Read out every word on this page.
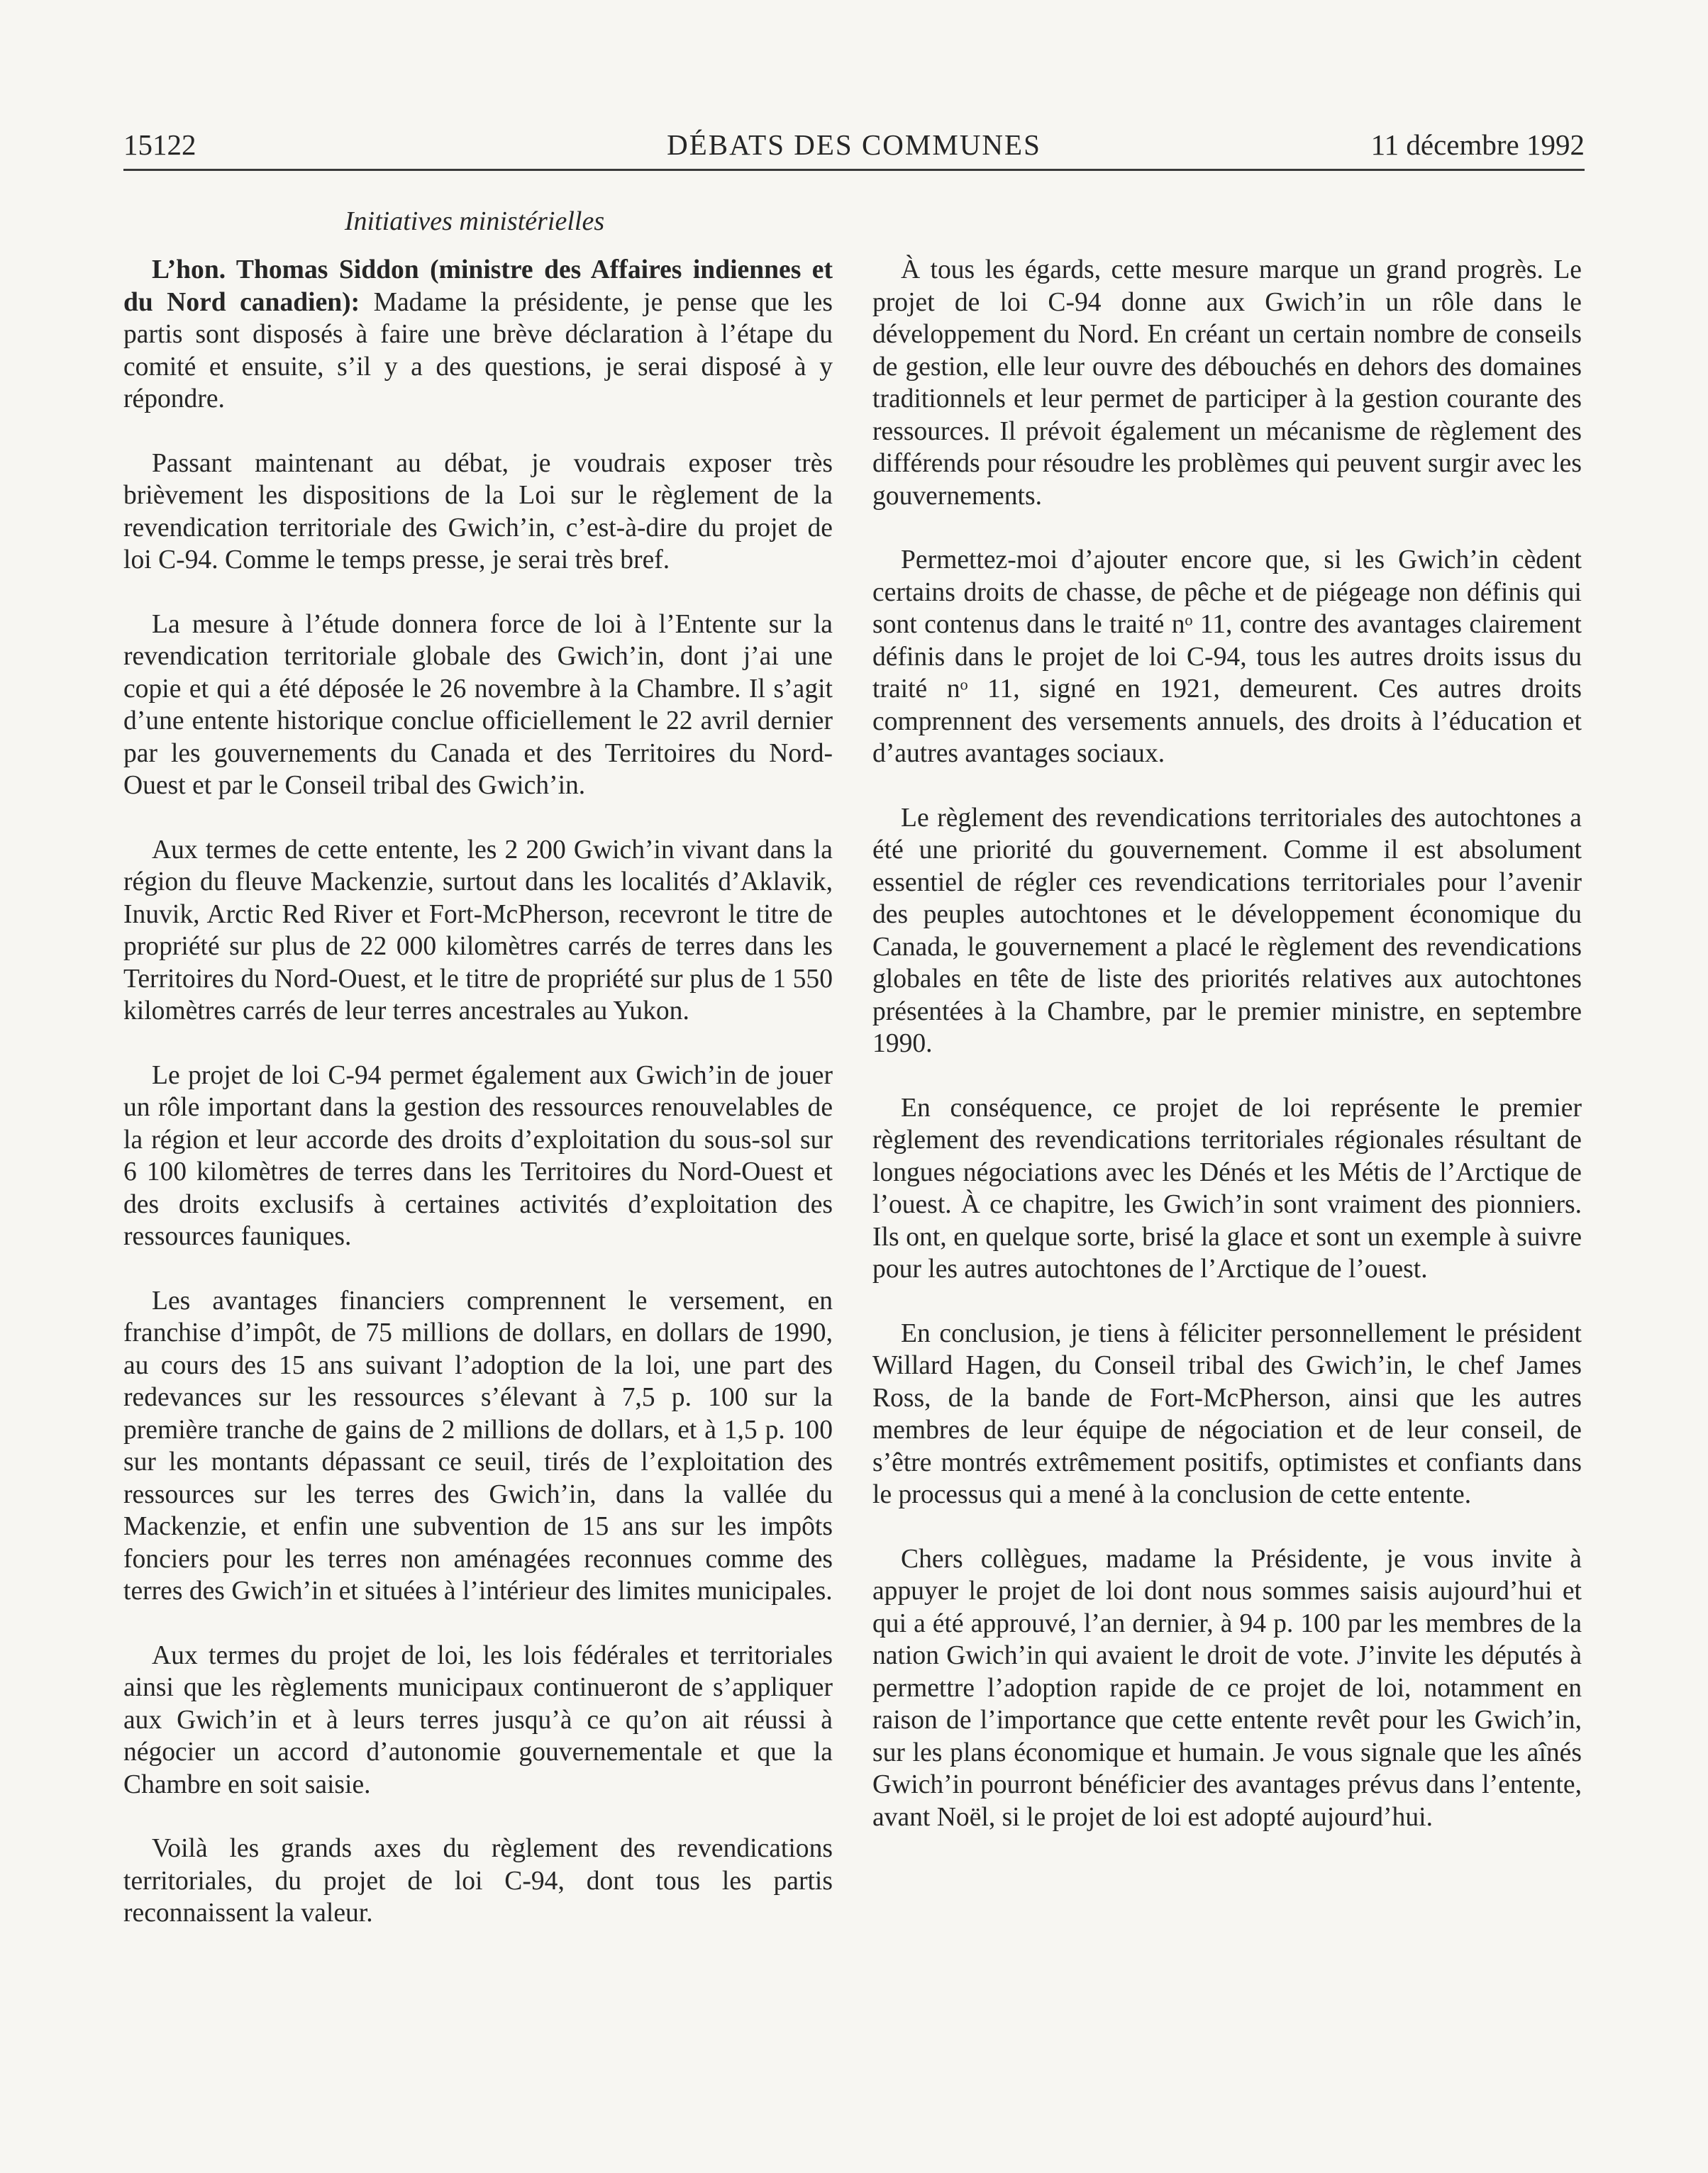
15122	DÉBATS DES COMMUNES	11 décembre 1992
Initiatives ministérielles

L’hon. Thomas Siddon (ministre des Affaires indiennes et du Nord canadien): Madame la présidente, je pense que les partis sont disposés à faire une brève déclaration à l’étape du comité et ensuite, s’il y a des questions, je serai disposé à y répondre.

Passant maintenant au débat, je voudrais exposer très brièvement les dispositions de la Loi sur le règlement de la revendication territoriale des Gwich’in, c’est-à-dire du projet de loi C-94. Comme le temps presse, je serai très bref.

La mesure à l’étude donnera force de loi à l’Entente sur la revendication territoriale globale des Gwich’in, dont j’ai une copie et qui a été déposée le 26 novembre à la Chambre. Il s’agit d’une entente historique conclue officiellement le 22 avril dernier par les gouvernements du Canada et des Territoires du Nord-Ouest et par le Conseil tribal des Gwich’in.

Aux termes de cette entente, les 2 200 Gwich’in vivant dans la région du fleuve Mackenzie, surtout dans les localités d’Aklavik, Inuvik, Arctic Red River et Fort-McPherson, recevront le titre de propriété sur plus de 22 000 kilomètres carrés de terres dans les Territoires du Nord-Ouest, et le titre de propriété sur plus de 1 550 kilomètres carrés de leur terres ancestrales au Yukon.

Le projet de loi C-94 permet également aux Gwich’in de jouer un rôle important dans la gestion des ressources renouvelables de la région et leur accorde des droits d’exploitation du sous-sol sur 6 100 kilomètres de terres dans les Territoires du Nord-Ouest et des droits exclusifs à certaines activités d’exploitation des ressources fauniques.

Les avantages financiers comprennent le versement, en franchise d’impôt, de 75 millions de dollars, en dollars de 1990, au cours des 15 ans suivant l’adoption de la loi, une part des redevances sur les ressources s’élevant à 7,5 p. 100 sur la première tranche de gains de 2 millions de dollars, et à 1,5 p. 100 sur les montants dépassant ce seuil, tirés de l’exploitation des ressources sur les terres des Gwich’in, dans la vallée du Mackenzie, et enfin une subvention de 15 ans sur les impôts fonciers pour les terres non aménagées reconnues comme des terres des Gwich’in et situées à l’intérieur des limites municipales.

Aux termes du projet de loi, les lois fédérales et territoriales ainsi que les règlements municipaux continueront de s’appliquer aux Gwich’in et à leurs terres jusqu’à ce qu’on ait réussi à négocier un accord d’autonomie gouvernementale et que la Chambre en soit saisie.

Voilà les grands axes du règlement des revendications territoriales, du projet de loi C-94, dont tous les partis reconnaissent la valeur.

À tous les égards, cette mesure marque un grand progrès. Le projet de loi C-94 donne aux Gwich’in un rôle dans le développement du Nord. En créant un certain nombre de conseils de gestion, elle leur ouvre des débouchés en dehors des domaines traditionnels et leur permet de participer à la gestion courante des ressources. Il prévoit également un mécanisme de règlement des différends pour résoudre les problèmes qui peuvent surgir avec les gouvernements.

Permettez-moi d’ajouter encore que, si les Gwich’in cèdent certains droits de chasse, de pêche et de piégeage non définis qui sont contenus dans le traité nᵒ 11, contre des avantages clairement définis dans le projet de loi C-94, tous les autres droits issus du traité nᵒ 11, signé en 1921, demeurent. Ces autres droits comprennent des versements annuels, des droits à l’éducation et d’autres avantages sociaux.

Le règlement des revendications territoriales des autochtones a été une priorité du gouvernement. Comme il est absolument essentiel de régler ces revendications territoriales pour l’avenir des peuples autochtones et le développement économique du Canada, le gouvernement a placé le règlement des revendications globales en tête de liste des priorités relatives aux autochtones présentées à la Chambre, par le premier ministre, en septembre 1990.

En conséquence, ce projet de loi représente le premier règlement des revendications territoriales régionales résultant de longues négociations avec les Dénés et les Métis de l’Arctique de l’ouest. À ce chapitre, les Gwich’in sont vraiment des pionniers. Ils ont, en quelque sorte, brisé la glace et sont un exemple à suivre pour les autres autochtones de l’Arctique de l’ouest.

En conclusion, je tiens à féliciter personnellement le président Willard Hagen, du Conseil tribal des Gwich’in, le chef James Ross, de la bande de Fort-McPherson, ainsi que les autres membres de leur équipe de négociation et de leur conseil, de s’être montrés extrêmement positifs, optimistes et confiants dans le processus qui a mené à la conclusion de cette entente.

Chers collègues, madame la Présidente, je vous invite à appuyer le projet de loi dont nous sommes saisis aujourd’hui et qui a été approuvé, l’an dernier, à 94 p. 100 par les membres de la nation Gwich’in qui avaient le droit de vote. J’invite les députés à permettre l’adoption rapide de ce projet de loi, notamment en raison de l’importance que cette entente revêt pour les Gwich’in, sur les plans économique et humain. Je vous signale que les aînés Gwich’in pourront bénéficier des avantages prévus dans l’entente, avant Noël, si le projet de loi est adopté aujourd’hui.
